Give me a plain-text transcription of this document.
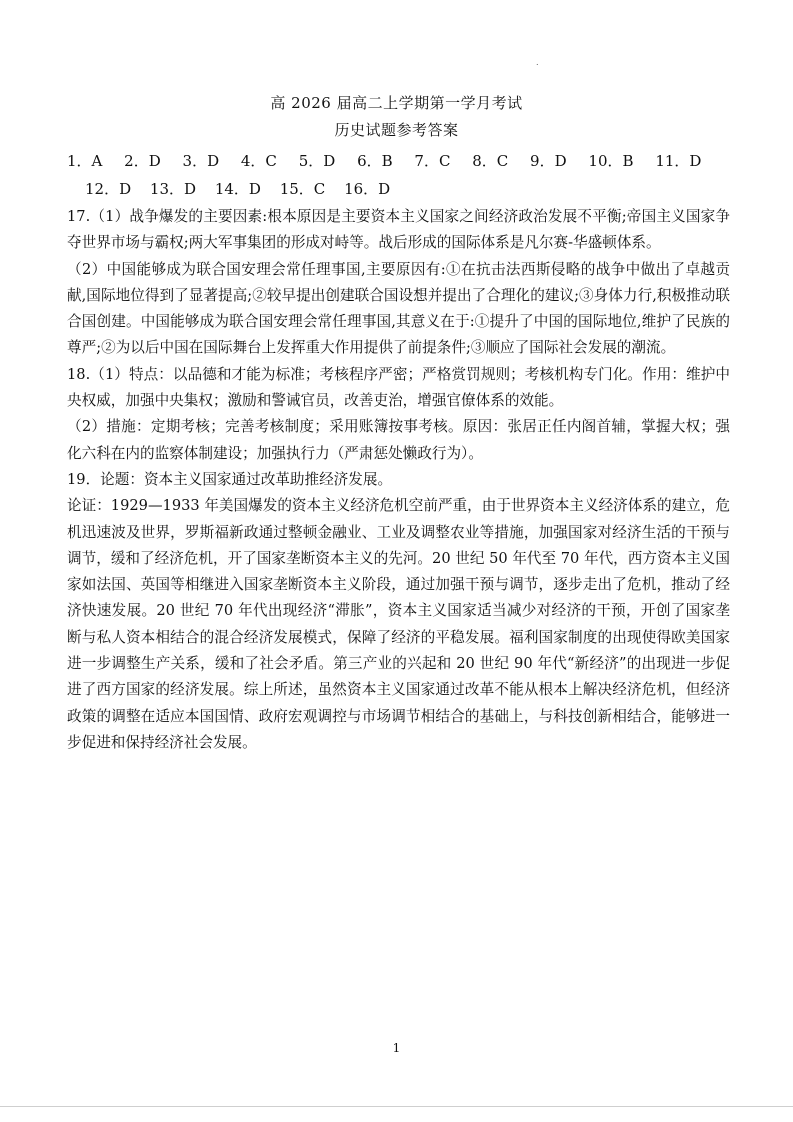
.
高 2026 届高二上学期第一学月考试
历史试题参考答案
1．A 2．D 3．D 4．C 5．D 6．B 7．C 8．C 9．D 10．B 11．D
12．D 13．D 14．D 15．C 16．D

17.（1）战争爆发的主要因素:根本原因是主要资本主义国家之间经济政治发展不平衡;帝国主义国家争夺世界市场与霸权;两大军事集团的形成对峙等。战后形成的国际体系是凡尔赛-华盛顿体系。

（2）中国能够成为联合国安理会常任理事国,主要原因有:①在抗击法西斯侵略的战争中做出了卓越贡献,国际地位得到了显著提高;②较早提出创建联合国设想并提出了合理化的建议;③身体力行,积极推动联合国创建。中国能够成为联合国安理会常任理事国,其意义在于:①提升了中国的国际地位,维护了民族的尊严;②为以后中国在国际舞台上发挥重大作用提供了前提条件;③顺应了国际社会发展的潮流。

18.（1）特点：以品德和才能为标准；考核程序严密；严格赏罚规则；考核机构专门化。作用：维护中央权威，加强中央集权；激励和警诫官员，改善吏治，增强官僚体系的效能。

（2）措施：定期考核；完善考核制度；采用账簿按事考核。原因：张居正任内阁首辅，掌握大权；强化六科在内的监察体制建设；加强执行力（严肃惩处懒政行为）。

19．论题：资本主义国家通过改革助推经济发展。

论证：1929—1933 年美国爆发的资本主义经济危机空前严重，由于世界资本主义经济体系的建立，危机迅速波及世界，罗斯福新政通过整顿金融业、工业及调整农业等措施，加强国家对经济生活的干预与调节，缓和了经济危机，开了国家垄断资本主义的先河。20 世纪 50 年代至 70 年代，西方资本主义国家如法国、英国等相继进入国家垄断资本主义阶段，通过加强干预与调节，逐步走出了危机，推动了经济快速发展。20 世纪 70 年代出现经济“滞胀”，资本主义国家适当减少对经济的干预，开创了国家垄断与私人资本相结合的混合经济发展模式，保障了经济的平稳发展。福利国家制度的出现使得欧美国家进一步调整生产关系，缓和了社会矛盾。第三产业的兴起和 20 世纪 90 年代“新经济”的出现进一步促进了西方国家的经济发展。综上所述，虽然资本主义国家通过改革不能从根本上解决经济危机，但经济政策的调整在适应本国国情、政府宏观调控与市场调节相结合的基础上，与科技创新相结合，能够进一步促进和保持经济社会发展。

1
